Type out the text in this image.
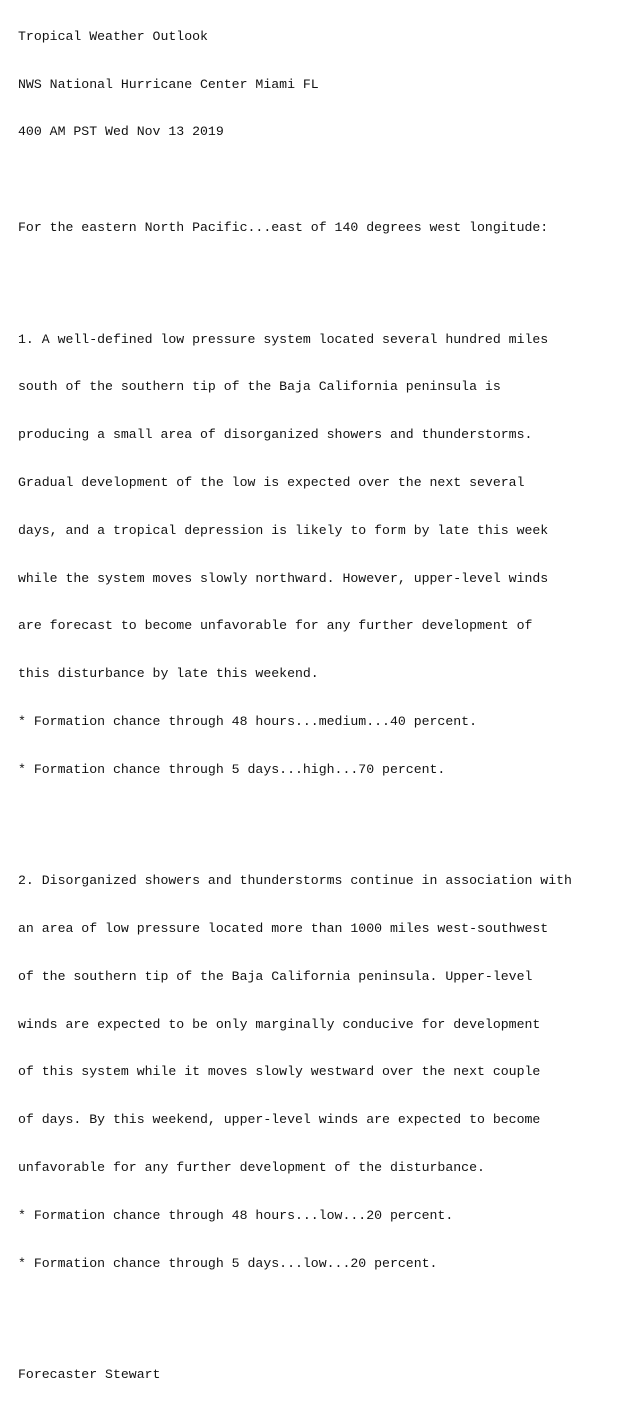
Tropical Weather Outlook

NWS National Hurricane Center Miami FL

400 AM PST Wed Nov 13 2019

For the eastern North Pacific...east of 140 degrees west longitude:

1. A well-defined low pressure system located several hundred miles

south of the southern tip of the Baja California peninsula is

producing a small area of disorganized showers and thunderstorms.

Gradual development of the low is expected over the next several

days, and a tropical depression is likely to form by late this week

while the system moves slowly northward. However, upper-level winds

are forecast to become unfavorable for any further development of

this disturbance by late this weekend.

* Formation chance through 48 hours...medium...40 percent.

* Formation chance through 5 days...high...70 percent.

2. Disorganized showers and thunderstorms continue in association with

an area of low pressure located more than 1000 miles west-southwest

of the southern tip of the Baja California peninsula. Upper-level

winds are expected to be only marginally conducive for development

of this system while it moves slowly westward over the next couple

of days. By this weekend, upper-level winds are expected to become

unfavorable for any further development of the disturbance.

* Formation chance through 48 hours...low...20 percent.

* Formation chance through 5 days...low...20 percent.

Forecaster Stewart
